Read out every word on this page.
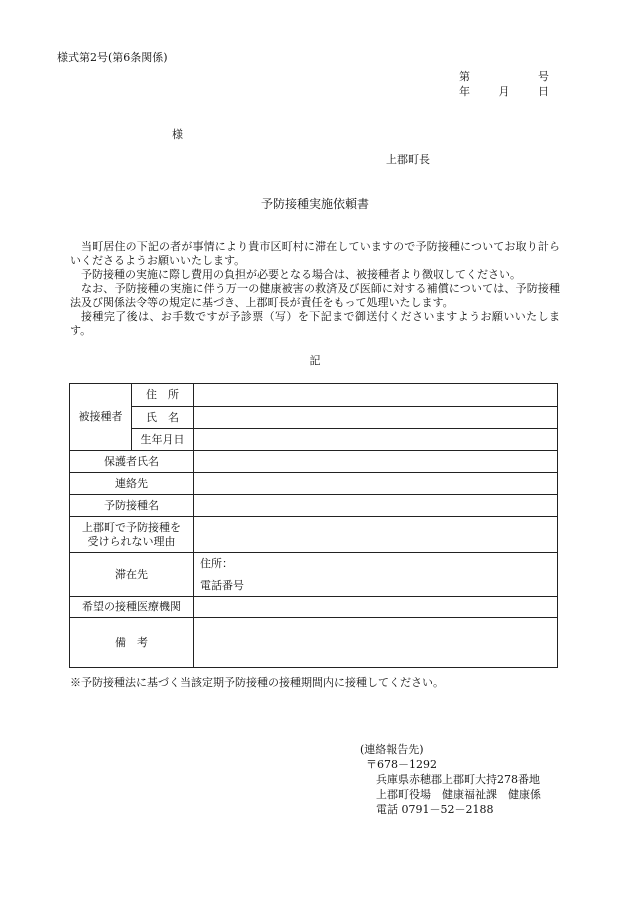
様式第2号(第6条関係)
第	号
年	月	日
様
上郡町長
予防接種実施依頼書

当町居住の下記の者が事情により貴市区町村に滞在していますので予防接種についてお取り計らいくださるようお願いいたします。

予防接種の実施に際し費用の負担が必要となる場合は、被接種者より徴収してください。

なお、予防接種の実施に伴う万一の健康被害の救済及び医師に対する補償については、予防接種法及び関係法令等の規定に基づき、上郡町長が責任をもって処理いたします。

接種完了後は、お手数ですが予診票（写）を下記まで御送付くださいますようお願いいたします。

記
被接種者	住　所	
	氏　名	
	生年月日	
保護者氏名		
連絡先		
予防接種名		

上郡町で予防接種を
受けられない理由		

滞在先		住所：
電話番号

希望の接種医療機関		
備　考		
※予防接種法に基づく当該定期予防接種の接種期間内に接種してください。
(連絡報告先)
〒678－1292
兵庫県赤穂郡上郡町大持278番地
上郡町役場　健康福祉課　健康係
電話 0791－52－2188
